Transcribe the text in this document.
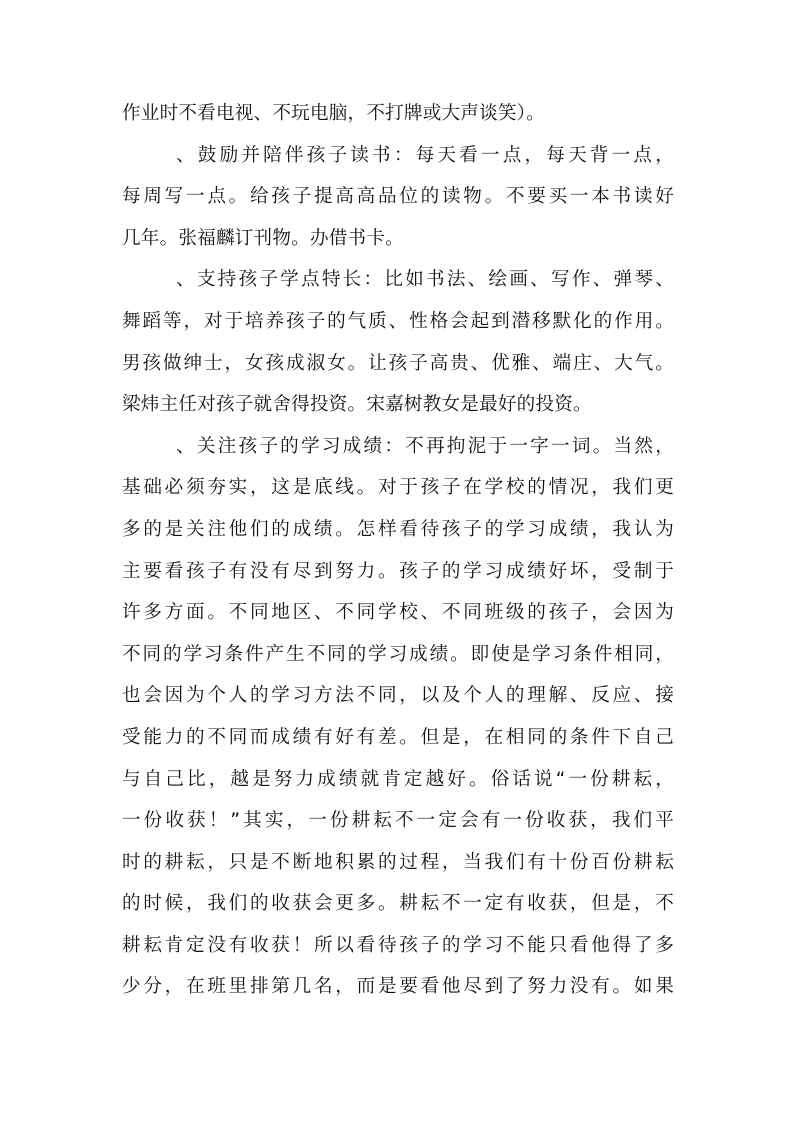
作业时不看电视、不玩电脑，不打牌或大声谈笑）。
、鼓励并陪伴孩子读书：每天看一点，每天背一点，
每周写一点。给孩子提高高品位的读物。不要买一本书读好
几年。张福麟订刊物。办借书卡。
、支持孩子学点特长：比如书法、绘画、写作、弹琴、
舞蹈等，对于培养孩子的气质、性格会起到潜移默化的作用。
男孩做绅士，女孩成淑女。让孩子高贵、优雅、端庄、大气。
梁炜主任对孩子就舍得投资。宋嘉树教女是最好的投资。
、关注孩子的学习成绩：不再拘泥于一字一词。当然，
基础必须夯实，这是底线。对于孩子在学校的情况，我们更
多的是关注他们的成绩。怎样看待孩子的学习成绩，我认为
主要看孩子有没有尽到努力。孩子的学习成绩好坏，受制于
许多方面。不同地区、不同学校、不同班级的孩子，会因为
不同的学习条件产生不同的学习成绩。即使是学习条件相同，
也会因为个人的学习方法不同，以及个人的理解、反应、接
受能力的不同而成绩有好有差。但是，在相同的条件下自己
与自己比，越是努力成绩就肯定越好。俗话说“一份耕耘，
一份收获！”其实，一份耕耘不一定会有一份收获，我们平
时的耕耘，只是不断地积累的过程，当我们有十份百份耕耘
的时候，我们的收获会更多。耕耘不一定有收获，但是，不
耕耘肯定没有收获！所以看待孩子的学习不能只看他得了多
少分，在班里排第几名，而是要看他尽到了努力没有。如果
